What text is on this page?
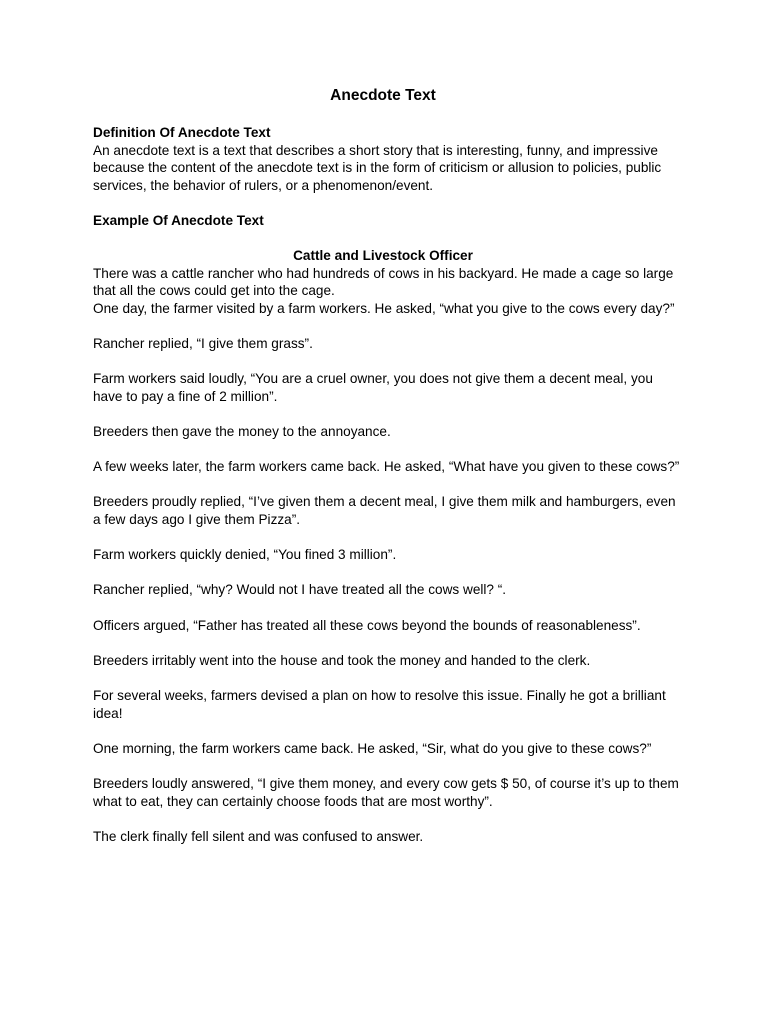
Anecdote Text
Definition Of Anecdote Text

An anecdote text is a text that describes a short story that is interesting, funny, and impressive because the content of the anecdote text is in the form of criticism or allusion to policies, public services, the behavior of rulers, or a phenomenon/event.

Example Of Anecdote Text

Cattle and Livestock Officer
There was a cattle rancher who had hundreds of cows in his backyard. He made a cage so large that all the cows could get into the cage.

One day, the farmer visited by a farm workers. He asked, “what you give to the cows every day?”

Rancher replied, “I give them grass”.

Farm workers said loudly, “You are a cruel owner, you does not give them a decent meal, you have to pay a fine of 2 million”.

Breeders then gave the money to the annoyance.

A few weeks later, the farm workers came back. He asked, “What have you given to these cows?”

Breeders proudly replied, “I’ve given them a decent meal, I give them milk and hamburgers, even a few days ago I give them Pizza”.

Farm workers quickly denied, “You fined 3 million”.

Rancher replied, “why? Would not I have treated all the cows well? “.

Officers argued, “Father has treated all these cows beyond the bounds of reasonableness”.

Breeders irritably went into the house and took the money and handed to the clerk.

For several weeks, farmers devised a plan on how to resolve this issue. Finally he got a brilliant idea!

One morning, the farm workers came back. He asked, “Sir, what do you give to these cows?”

Breeders loudly answered, “I give them money, and every cow gets $ 50, of course it’s up to them what to eat, they can certainly choose foods that are most worthy”.

The clerk finally fell silent and was confused to answer.
